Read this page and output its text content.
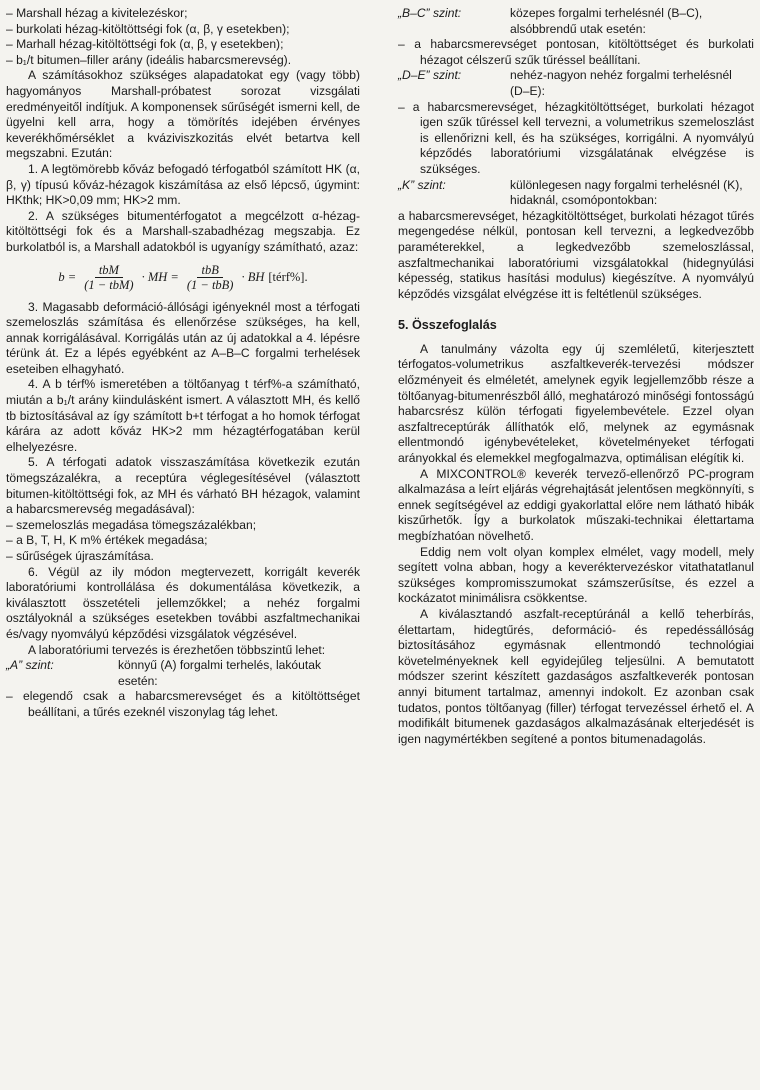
– Marshall hézag a kivitelezéskor;

– burkolati hézag-kitöltöttségi fok (α, β, γ esetekben);

– Marhall hézag-kitöltöttségi fok (α, β, γ esetekben);

– b₁/t bitumen–filler arány (ideális habarcsmerevség).

A számításokhoz szükséges alapadatokat egy (vagy több) hagyományos Marshall-próbatest sorozat vizsgálati eredményeitől indítjuk. A komponensek sűrűségét ismerni kell, de ügyelni kell arra, hogy a tömörítés idejében érvényes keverékhőmérséklet a kváziviszkozitás elvét betartva kell megszabni. Ezután:

1. A legtömörebb kőváz befogadó térfogatból számított HK (α, β, γ) típusú kőváz-hézagok kiszámítása az első lépcső, úgymint: HKthk; HK>0,09 mm; HK>2 mm.

2. A szükséges bitumentérfogatot a megcélzott α-hézag-kitöltöttségi fok és a Marshall-szabadhézag megszabja. Ez burkolatból is, a Marshall adatokból is ugyanígy számítható, azaz:

$b = \frac{\text{tbM}}{\text{(1 − tbM)}}$ · MH = $\frac{\text{tbB}}{\text{(1 − tbB)}}$ · BH [térf%].

3. Magasabb deformáció-állósági igényeknél most a térfogati szemeloszlás számítása és ellenőrzése szükséges, ha kell, annak korrigálásával. Korrigálás után az új adatokkal a 4. lépésre térünk át. Ez a lépés egyébként az A–B–C forgalmi terhelések eseteiben elhagyható.

4. A b térf% ismeretében a töltőanyag t térf%-a számítható, miután a b₁/t arány kiindulásként ismert. A választott MH, és kellő tb biztosításával az így számított b+t térfogat a ho homok térfogat kárára az adott kőváz HK>2 mm hézagtérfogatában kerül elhelyezésre.

5. A térfogati adatok visszaszámítása következik ezután tömegszázalékra, a receptúra véglegesítésével (választott bitumen-kitöltöttségi fok, az MH és várható BH hézagok, valamint a habarcsmerevség megadásával):

– szemeloszlás megadása tömegszázalékban;

– a B, T, H, K m% értékek megadása;

– sűrűségek újraszámítása.

6. Végül az ily módon megtervezett, korrigált keverék laboratóriumi kontrollálása és dokumentálása következik, a kiválasztott összetételi jellemzőkkel; a nehéz forgalmi osztályoknál a szükséges esetekben további aszfaltmechanikai és/vagy nyomvályú képződési vizsgálatok végzésével.

A laboratóriumi tervezés is érezhetően többszintű lehet:

„A” szint:	könnyű (A) forgalmi terhelés, lakóutak esetén:

– elegendő csak a habarcsmerevséget és a kitöltöttséget beállítani, a tűrés ezeknél viszonylag tág lehet.

„B–C” szint:	közepes forgalmi terhelésnél (B–C), alsóbbrendű utak esetén:

– a habarcsmerevséget pontosan, kitöltöttséget és burkolati hézagot célszerű szűk tűréssel beállítani.

„D–E” szint:	nehéz-nagyon nehéz forgalmi terhelésnél (D–E):

– a habarcsmerevséget, hézagkitöltöttséget, burkolati hézagot igen szűk tűréssel kell tervezni, a volumetrikus szemeloszlást is ellenőrizni kell, és ha szükséges, korrigálni. A nyomvályú képződés laboratóriumi vizsgálatának elvégzése is szükséges.

„K” szint:	különlegesen nagy forgalmi terhelésnél (K), hidaknál, csomópontokban:

a habarcsmerevséget, hézagkitöltöttséget, burkolati hézagot tűrés megengedése nélkül, pontosan kell tervezni, a legkedvezőbb paraméterekkel, a legkedvezőbb szemeloszlással, aszfaltmechanikai laboratóriumi vizsgálatokkal (hidegnyúlási képesség, statikus hasítási modulus) kiegészítve. A nyomvályú képződés vizsgálat elvégzése itt is feltétlenül szükséges.

5. Összefoglalás

A tanulmány vázolta egy új szemléletű, kiterjesztett térfogatos-volumetrikus aszfaltkeverék-tervezési módszer előzményeit és elméletét, amelynek egyik legjellemzőbb része a töltőanyag-bitumenrészből álló, meghatározó minőségi fontosságú habarcsrész külön térfogati figyelembevétele. Ezzel olyan aszfaltreceptúrák állíthatók elő, melynek az egymásnak ellentmondó igénybevételeket, követelményeket térfogati arányokkal és elemekkel megfogalmazva, optimálisan elégítik ki.

A MIXCONTROL® keverék tervező-ellenőrző PC-program alkalmazása a leírt eljárás végrehajtását jelentősen megkönnyíti, s ennek segítségével az eddigi gyakorlattal előre nem látható hibák kiszűrhetők. Így a burkolatok műszaki-technikai élettartama megbízhatóan növelhető.

Eddig nem volt olyan komplex elmélet, vagy modell, mely segített volna abban, hogy a keveréktervezéskor vitathatatlanul szükséges kompromisszumokat számszerűsítse, és ezzel a kockázatot minimálisra csökkentse.

A kiválasztandó aszfalt-receptúránál a kellő teherbírás, élettartam, hidegtűrés, deformáció- és repedéssállóság biztosításához egymásnak ellentmondó technológiai követelményeknek kell egyidejűleg teljesülni. A bemutatott módszer szerint készített gazdaságos aszfaltkeverék pontosan annyi bitument tartalmaz, amennyi indokolt. Ez azonban csak tudatos, pontos töltőanyag (filler) térfogat tervezéssel érhető el. A modifikált bitumenek gazdaságos alkalmazásának elterjedését is igen nagymértékben segítené a pontos bitumenadagolás.
